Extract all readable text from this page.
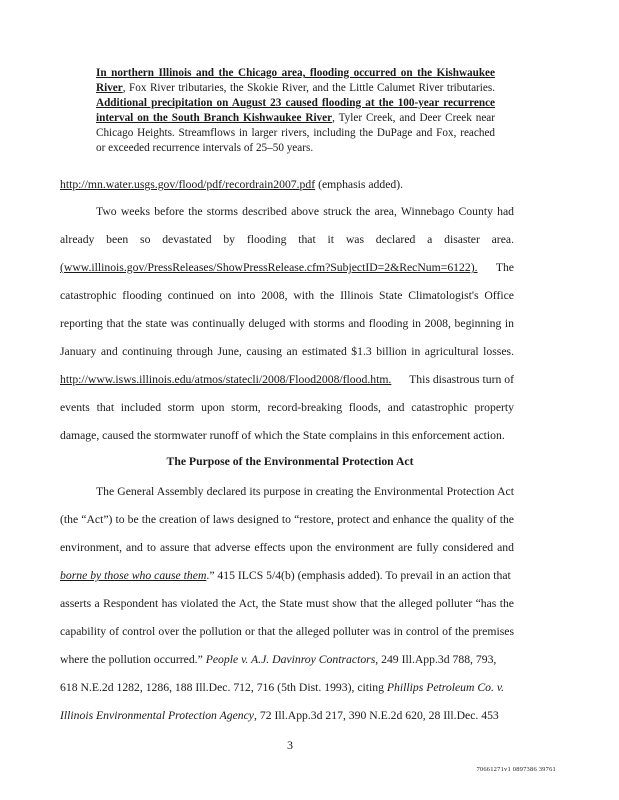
In northern Illinois and the Chicago area, flooding occurred on the Kishwaukee River, Fox River tributaries, the Skokie River, and the Little Calumet River tributaries. Additional precipitation on August 23 caused flooding at the 100-year recurrence interval on the South Branch Kishwaukee River, Tyler Creek, and Deer Creek near Chicago Heights. Streamflows in larger rivers, including the DuPage and Fox, reached or exceeded recurrence intervals of 25–50 years.
http://mn.water.usgs.gov/flood/pdf/recordrain2007.pdf (emphasis added).
Two weeks before the storms described above struck the area, Winnebago County had
already been so devastated by flooding that it was declared a disaster area.
(www.illinois.gov/PressReleases/ShowPressRelease.cfm?SubjectID=2&RecNum=6122). The
catastrophic flooding continued on into 2008, with the Illinois State Climatologist's Office
reporting that the state was continually deluged with storms and flooding in 2008, beginning in
January and continuing through June, causing an estimated $1.3 billion in agricultural losses.
http://www.isws.illinois.edu/atmos/statecli/2008/Flood2008/flood.htm. This disastrous turn of
events that included storm upon storm, record-breaking floods, and catastrophic property
damage, caused the stormwater runoff of which the State complains in this enforcement action.
The Purpose of the Environmental Protection Act
The General Assembly declared its purpose in creating the Environmental Protection Act
(the “Act”) to be the creation of laws designed to “restore, protect and enhance the quality of the
environment, and to assure that adverse effects upon the environment are fully considered and
borne by those who cause them.” 415 ILCS 5/4(b) (emphasis added). To prevail in an action that
asserts a Respondent has violated the Act, the State must show that the alleged polluter “has the
capability of control over the pollution or that the alleged polluter was in control of the premises
where the pollution occurred.” People v. A.J. Davinroy Contractors, 249 Ill.App.3d 788, 793,
618 N.E.2d 1282, 1286, 188 Ill.Dec. 712, 716 (5th Dist. 1993), citing Phillips Petroleum Co. v.
Illinois Environmental Protection Agency, 72 Ill.App.3d 217, 390 N.E.2d 620, 28 Ill.Dec. 453
3
70661271v1 0897386 39761
